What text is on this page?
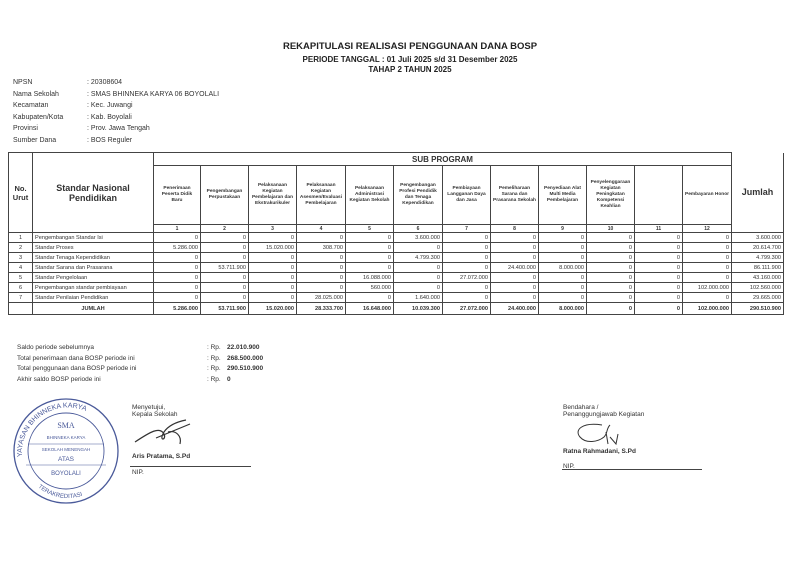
REKAPITULASI REALISASI PENGGUNAAN DANA BOSP
PERIODE TANGGAL : 01 Juli 2025 s/d 31 Desember 2025
TAHAP 2 TAHUN 2025
NPSN	: 20308604
Nama Sekolah	: SMAS BHINNEKA KARYA 06 BOYOLALI
Kecamatan	: Kec. Juwangi
Kabupaten/Kota	: Kab. Boyolali
Provinsi	: Prov. Jawa Tengah
Sumber Dana	: BOS Reguler
No. Urut	Standar Nasional Pendidikan	SUB PROGRAM												Jumlah
		Penerimaan Peserta Didik Baru	Pengembangan Perpustakaan	Pelaksanaan Kegiatan Pembelajaran dan Ekstrakurikuler	Pelaksanaan Kegiatan Asesmen/Evaluasi Pembelajaran	Pelaksanaan Administrasi Kegiatan Sekolah	Pengembangan Profesi Pendidik dan Tenaga Kependidikan	Pembiayaan Langganan Daya dan Jasa	Pemeliharaan Sarana dan Prasarana Sekolah	Penyediaan Alat Multi Media Pembelajaran	Penyelenggaraan Kegiatan Peningkatan Kompetensi Keahlian		Pembayaran Honor	
		1	2	3	4	5	6	7	8	9	10	11	12	
1	Pengembangan Standar Isi	0	0	0	0	0	3.600.000	0	0	0	0	0	0	3.600.000
2	Standar Proses	5.286.000	0	15.020.000	308.700	0	0	0	0	0	0	0	0	20.614.700
3	Standar Tenaga Kependidikan	0	0	0	0	0	4.799.300	0	0	0	0	0	0	4.799.300
4	Standar Sarana dan Prasarana	0	53.711.900	0	0	0	0	0	24.400.000	8.000.000	0	0	0	86.111.900
5	Standar Pengelolaan	0	0	0	0	16.088.000	0	27.072.000	0	0	0	0	0	43.160.000
6	Pengembangan standar pembiayaan	0	0	0	0	560.000	0	0	0	0	0	0	102.000.000	102.560.000
7	Standar Penilaian Pendidikan	0	0	0	28.025.000	0	1.640.000	0	0	0	0	0	0	29.665.000
	JUMLAH	5.286.000	53.711.900	15.020.000	28.333.700	16.648.000	10.039.300	27.072.000	24.400.000	8.000.000	0	0	102.000.000	290.510.900
Saldo periode sebelumnya	: Rp. 22.010.900
Total penerimaan dana BOSP periode ini	: Rp. 268.500.000
Total penggunaan dana BOSP periode ini	: Rp. 290.510.900
Akhir saldo BOSP periode ini	: Rp. 0
YAYASAN BHINNEKA KARYA
TERAKREDITASI
SMA
BHINNEKA KARYA
SEKOLAH MENENGAH
ATAS
BOYOLALI
Menyetujui,
Kepala Sekolah
Aris Pratama, S.Pd
NIP.
Bendahara /
Penanggungjawab Kegiatan
Ratna Rahmadani, S.Pd
NIP.
